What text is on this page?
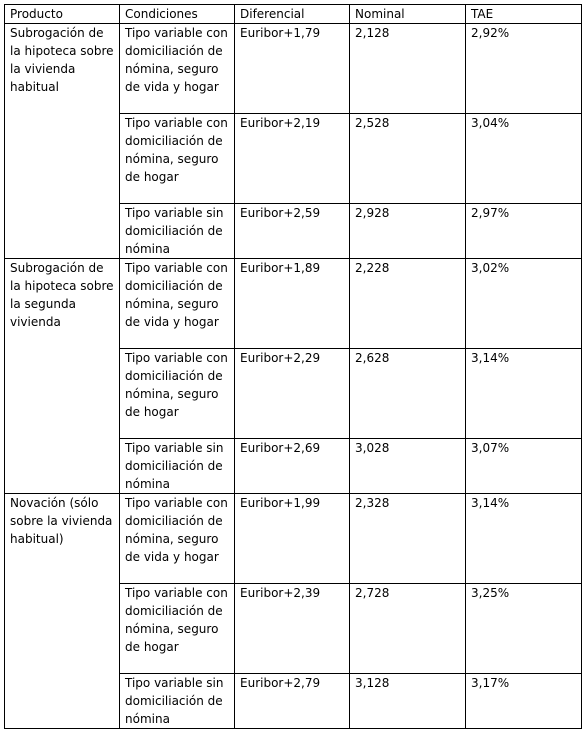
Producto	Condiciones	Diferencial	Nominal	TAE
Subrogación de la hipoteca sobre la vivienda habitual	Tipo variable con domiciliación de nómina, seguro de vida y hogar	Euribor+1,79	2,128	2,92%
	Tipo variable con domiciliación de nómina, seguro de hogar	Euribor+2,19	2,528	3,04%
	Tipo variable sin domiciliación de nómina	Euribor+2,59	2,928	2,97%
Subrogación de la hipoteca sobre la segunda vivienda	Tipo variable con domiciliación de nómina, seguro de vida y hogar	Euribor+1,89	2,228	3,02%
	Tipo variable con domiciliación de nómina, seguro de hogar	Euribor+2,29	2,628	3,14%
	Tipo variable sin domiciliación de nómina	Euribor+2,69	3,028	3,07%
Novación (sólo sobre la vivienda habitual)	Tipo variable con domiciliación de nómina, seguro de vida y hogar	Euribor+1,99	2,328	3,14%
	Tipo variable con domiciliación de nómina, seguro de hogar	Euribor+2,39	2,728	3,25%
	Tipo variable sin domiciliación de nómina	Euribor+2,79	3,128	3,17%
